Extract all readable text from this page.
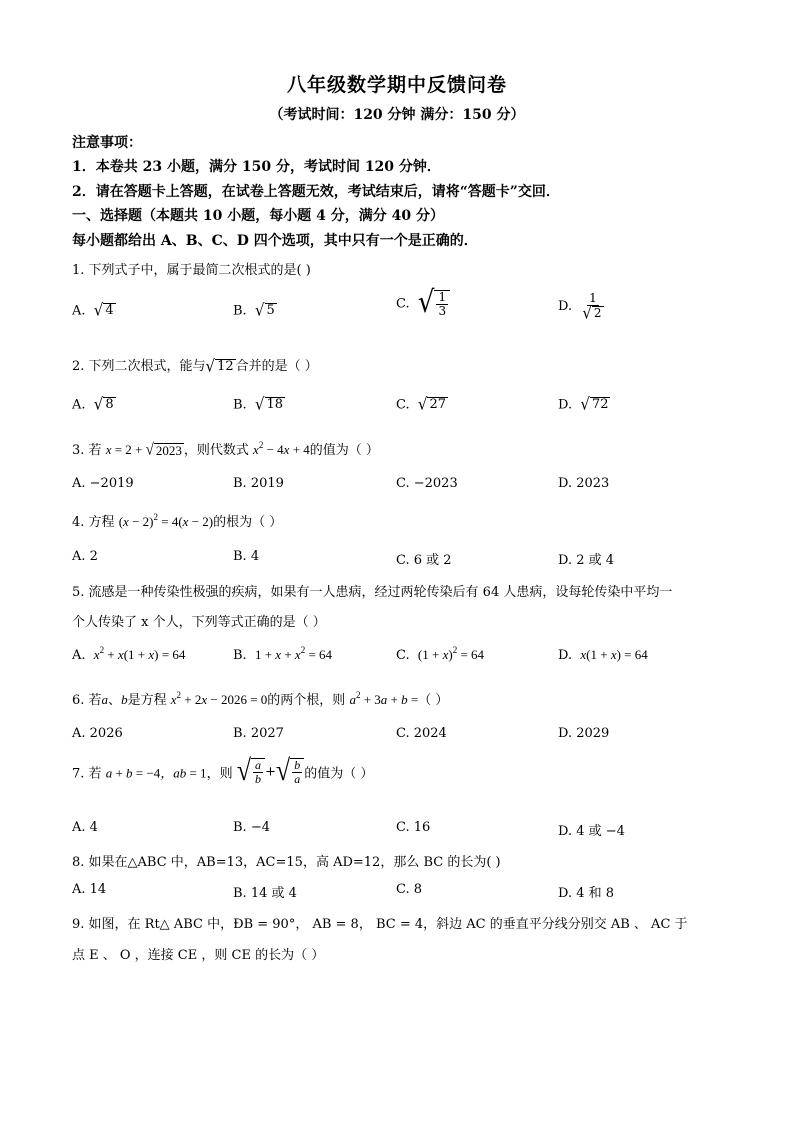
八年级数学期中反馈问卷
（考试时间：120 分钟 满分：150 分）
注意事项：
1．本卷共 23 小题，满分 150 分，考试时间 120 分钟．
2．请在答题卡上答题，在试卷上答题无效，考试结束后，请将“答题卡”交回．
一、选择题（本题共 10 小题，每小题 4 分，满分 40 分）
每小题都给出 A、B、C、D 四个选项，其中只有一个是正确的．
1. 下列式子中，属于最简二次根式的是( )
A. √ 4	B. √ 5	C. √ $\frac{1}{3}$	D. $\frac{1}{√ 2}$
2. 下列二次根式，能与 √ 12 合并的是（ ）
A. √ 8	B. √ 18	C. √ 27	D. √ 72
3. 若 x = 2 + √ 2023 ，则代数式 $x^2 - 4x + 4$的值为（ ）
A. −2019	B. 2019	C. −2023	D. 2023
4. 方程 $(x - 2)^2 = 4(x - 2)$的根为（ ）
A. 2	B. 4	C. 6 或 2	D. 2 或 4
5. 流感是一种传染性极强的疾病，如果有一人患病，经过两轮传染后有 64 人患病，设每轮传染中平均一
个人传染了 x 个人，下列等式正确的是（ ）
A. $x^2 + x(1 + x) = 64$	B. $1 + x + x^2 = 64$	C. $(1 + x)^2 = 64$	D. x(1 + x) = 64
6. 若a、b是方程 $x^2 + 2x - 2026 = 0$的两个根，则 $a^2 + 3a + b$ =（ ）
A. 2026	B. 2027	C. 2024	D. 2029
7. 若 a + b = −4，ab = 1，则 √ $\frac{a}{b}$ + √ $\frac{b}{a}$ 的值为（ ）
A. 4	B. −4	C. 16	D. 4 或 −4
8. 如果在△ABC 中，AB=13，AC=15，高 AD=12，那么 BC 的长为( )
A. 14	B. 14 或 4	C. 8	D. 4 和 8
9. 如图，在 Rt△ ABC 中，ÐB = 90°， AB = 8， BC = 4，斜边 AC 的垂直平分线分别交 AB 、 AC 于
点 E 、 O ，连接 CE ，则 CE 的长为（ ）
